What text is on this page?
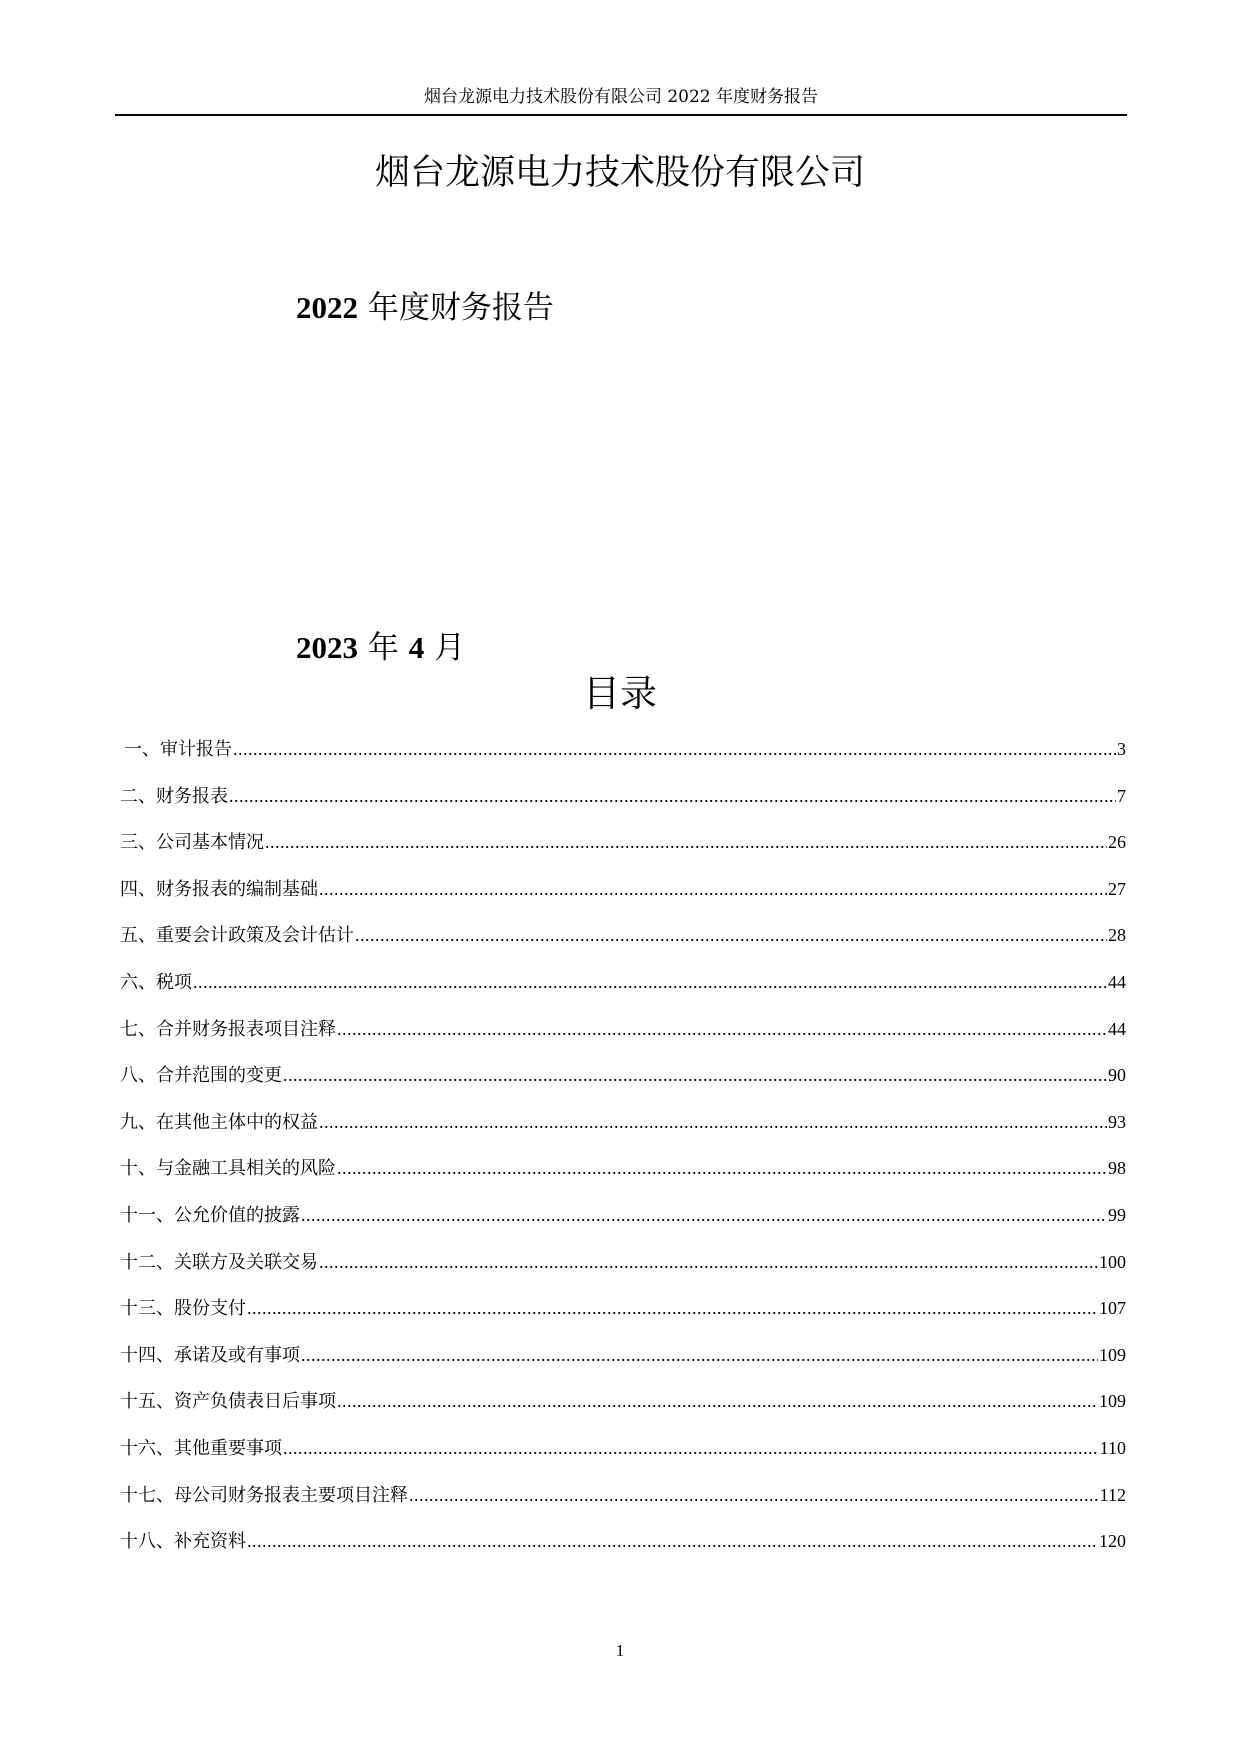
烟台龙源电力技术股份有限公司 2022 年度财务报告
烟台龙源电力技术股份有限公司
2022 年度财务报告
2023 年 4 月
目录
一、审计报告 .....	3
二、财务报表 .....	7
三、公司基本情况 .....	26
四、财务报表的编制基础 .....	27
五、重要会计政策及会计估计 .....	28
六、税项 .....	44
七、合并财务报表项目注释 .....	44
八、合并范围的变更 .....	90
九、在其他主体中的权益 .....	93
十、与金融工具相关的风险 .....	98
十一、公允价值的披露 .....	99
十二、关联方及关联交易 .....	100
十三、股份支付 .....	107
十四、承诺及或有事项 .....	109
十五、资产负债表日后事项 .....	109
十六、其他重要事项 .....	110
十七、母公司财务报表主要项目注释 .....	112
十八、补充资料 .....	120
1
